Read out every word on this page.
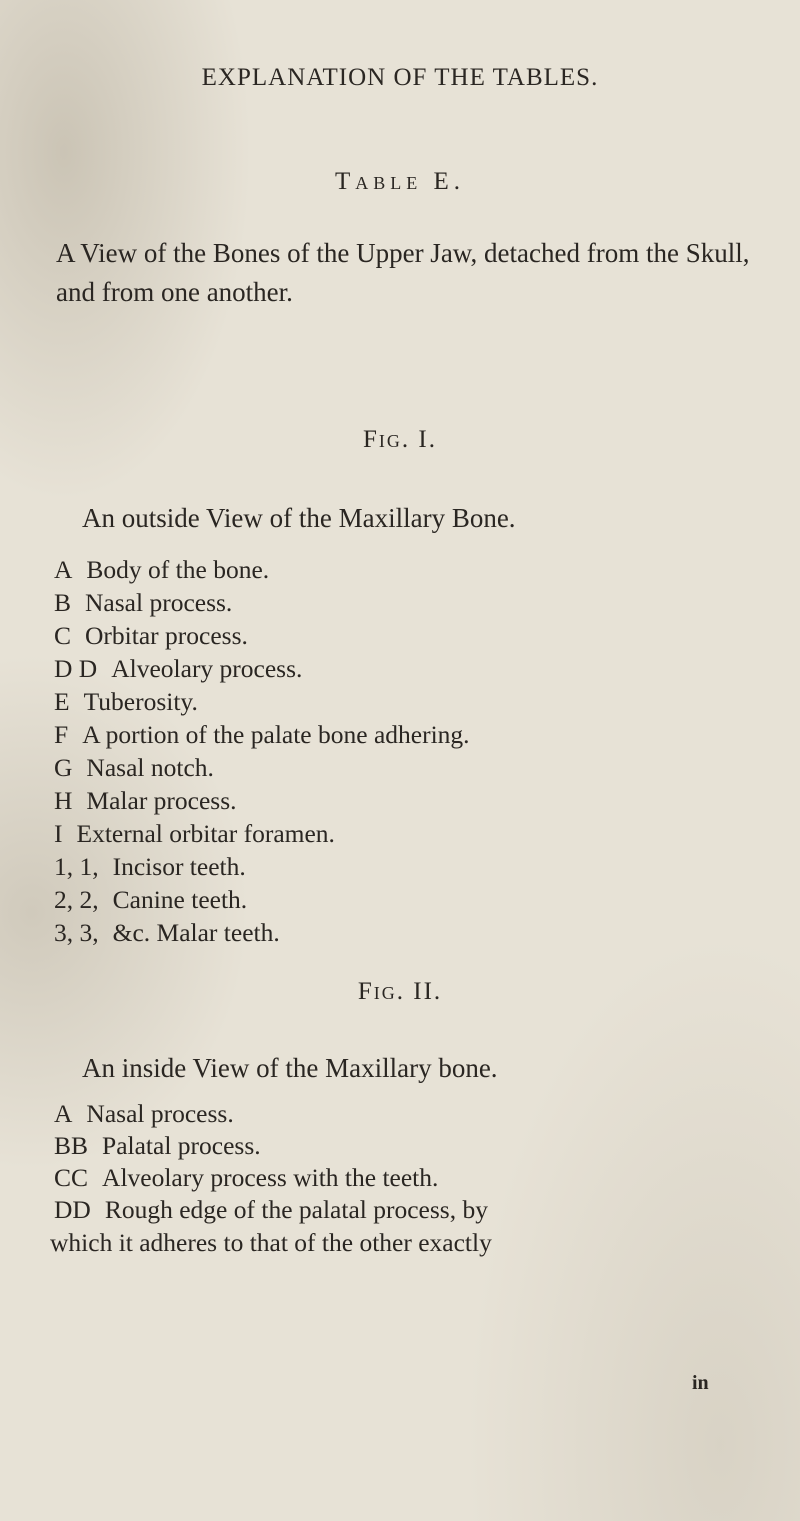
EXPLANATION OF THE TABLES.
Table E.
A View of the Bones of the Upper Jaw, detached from the Skull, and from one another.
Fig. I.
An outside View of the Maxillary Bone.
A Body of the bone.
B Nasal process.
C Orbitar process.
D D Alveolary process.
E Tuberosity.
F A portion of the palate bone adhering.
G Nasal notch.
H Malar process.
I External orbitar foramen.
1, 1, Incisor teeth.
2, 2, Canine teeth.
3, 3, &c. Malar teeth.
Fig. II.
An inside View of the Maxillary bone.
A Nasal process.
BB Palatal process.
CC Alveolary process with the teeth.
DD Rough edge of the palatal process, by
which it adheres to that of the other exactly
in
